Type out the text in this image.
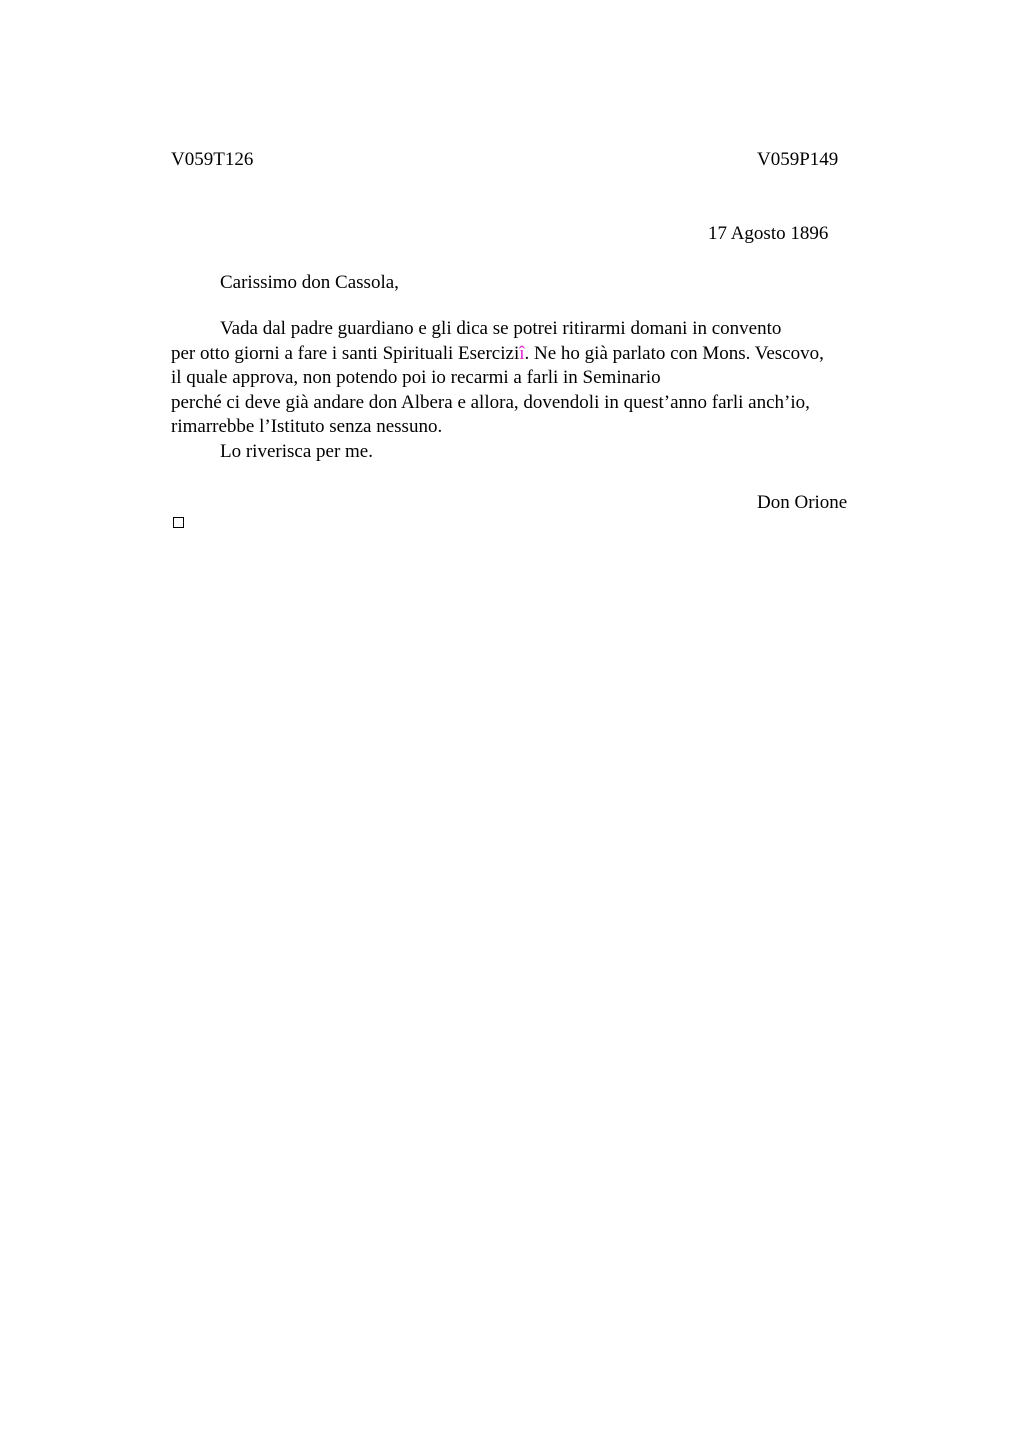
V059T126	V059P149
17 Agosto 1896
Carissimo don Cassola,
Vada dal padre guardiano e gli dica se potrei ritirarmi domani in convento
per otto giorni a fare i santi Spirituali Eserciziî. Ne ho già parlato con Mons. Vescovo,
il quale approva, non potendo poi io recarmi a farli in Seminario
perché ci deve già andare don Albera e allora, dovendoli in quest’anno farli anch’io,
rimarrebbe l’Istituto senza nessuno.
Lo riverisca per me.
Don Orione
